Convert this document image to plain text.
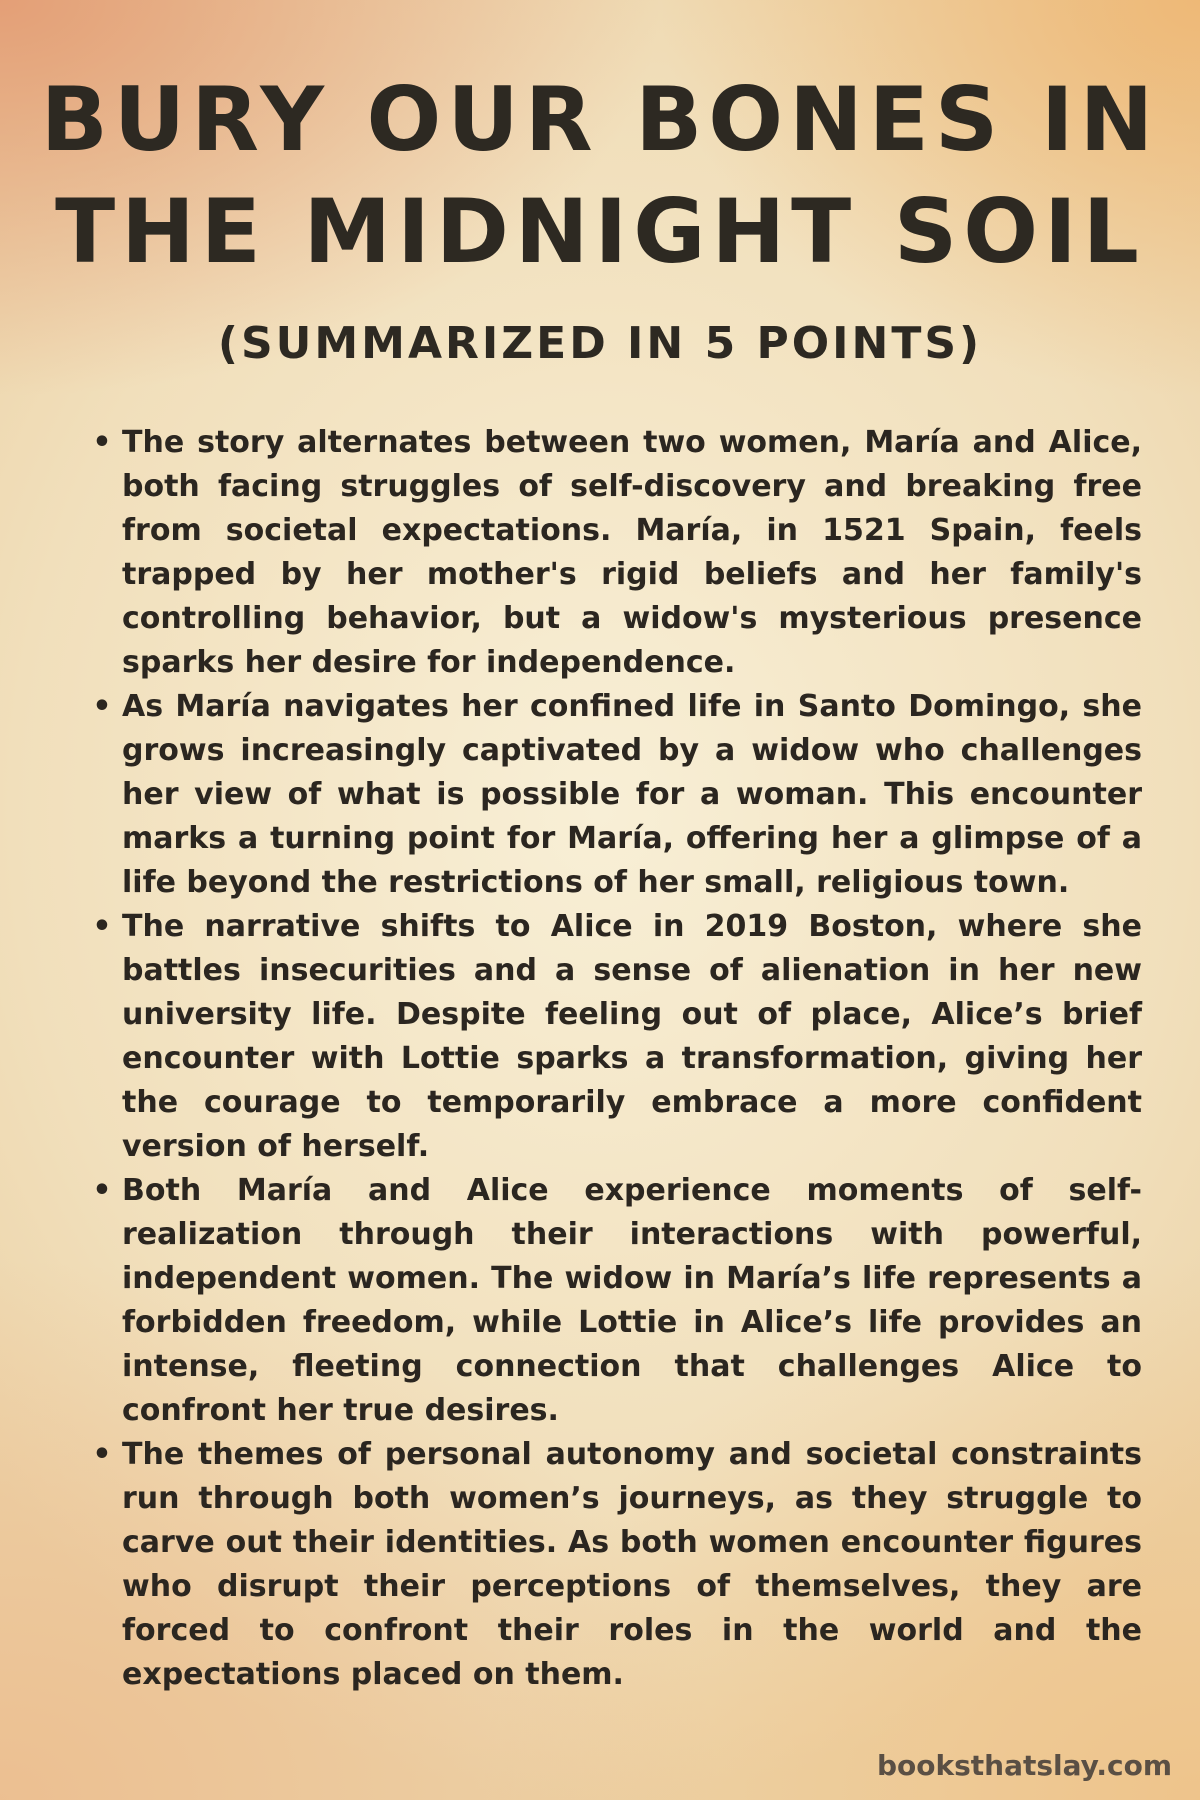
BURY OUR BONES IN
THE MIDNIGHT SOIL
(SUMMARIZED IN 5 POINTS)
• The story alternates between two women, María and Alice, both facing struggles of self-discovery and breaking free from societal expectations. María, in 1521 Spain, feels trapped by her mother's rigid beliefs and her family's controlling behavior, but a widow's mysterious presence sparks her desire for independence.
• As María navigates her confined life in Santo Domingo, she grows increasingly captivated by a widow who challenges her view of what is possible for a woman. This encounter marks a turning point for María, offering her a glimpse of a life beyond the restrictions of her small, religious town.
• The narrative shifts to Alice in 2019 Boston, where she battles insecurities and a sense of alienation in her new university life. Despite feeling out of place, Alice’s brief encounter with Lottie sparks a transformation, giving her the courage to temporarily embrace a more confident version of herself.
• Both María and Alice experience moments of self-realization through their interactions with powerful, independent women. The widow in María’s life represents a forbidden freedom, while Lottie in Alice’s life provides an intense, fleeting connection that challenges Alice to confront her true desires.
• The themes of personal autonomy and societal constraints run through both women’s journeys, as they struggle to carve out their identities. As both women encounter figures who disrupt their perceptions of themselves, they are forced to confront their roles in the world and the expectations placed on them.
booksthatslay.com
